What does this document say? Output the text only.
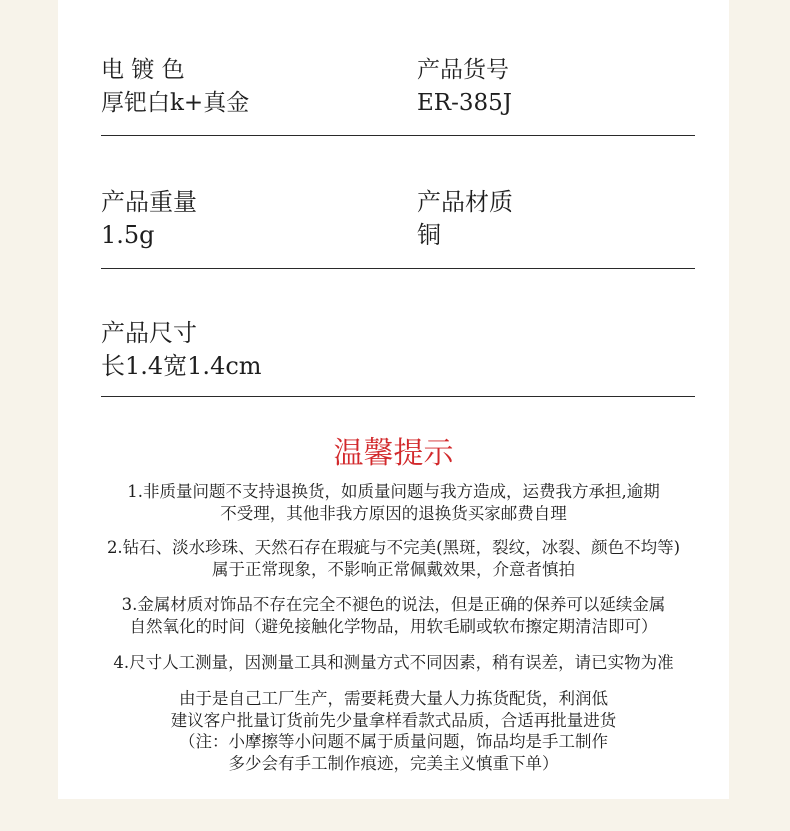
电 镀 色
厚钯白k+真金
产品货号
ER-385J
产品重量
1.5g
产品材质
铜
产品尺寸
长1.4宽1.4cm
温馨提示
1.非质量问题不支持退换货，如质量问题与我方造成，运费我方承担,逾期
不受理，其他非我方原因的退换货买家邮费自理
2.钻石、淡水珍珠、天然石存在瑕疵与不完美(黑斑，裂纹，冰裂、颜色不均等)
属于正常现象，不影响正常佩戴效果，介意者慎拍
3.金属材质对饰品不存在完全不褪色的说法，但是正确的保养可以延续金属
自然氧化的时间（避免接触化学物品，用软毛刷或软布擦定期清洁即可）
4.尺寸人工测量，因测量工具和测量方式不同因素，稍有误差，请已实物为准
由于是自己工厂生产，需要耗费大量人力拣货配货，利润低
建议客户批量订货前先少量拿样看款式品质，合适再批量进货
（注：小摩擦等小问题不属于质量问题，饰品均是手工制作
多少会有手工制作痕迹，完美主义慎重下单）
